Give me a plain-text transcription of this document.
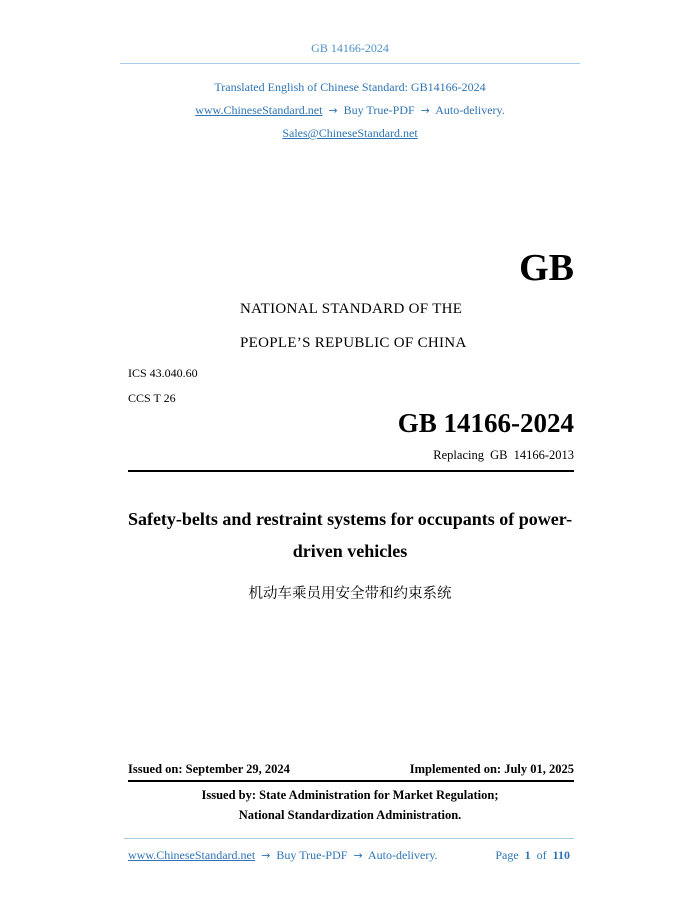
GB 14166-2024
Translated English of Chinese Standard: GB14166-2024
www.ChineseStandard.net → Buy True-PDF → Auto-delivery.
Sales@ChineseStandard.net
GB
NATIONAL STANDARD OF THE
PEOPLE’S REPUBLIC OF CHINA
ICS 43.040.60
CCS T 26
GB 14166-2024
Replacing GB 14166-2013
Safety-belts and restraint systems for occupants of power-
driven vehicles
机动车乘员用安全带和约束系统
Issued on: September 29, 2024	Implemented on: July 01, 2025
Issued by: State Administration for Market Regulation;
National Standardization Administration.
www.ChineseStandard.net → Buy True-PDF → Auto-delivery.	Page 1 of 110
